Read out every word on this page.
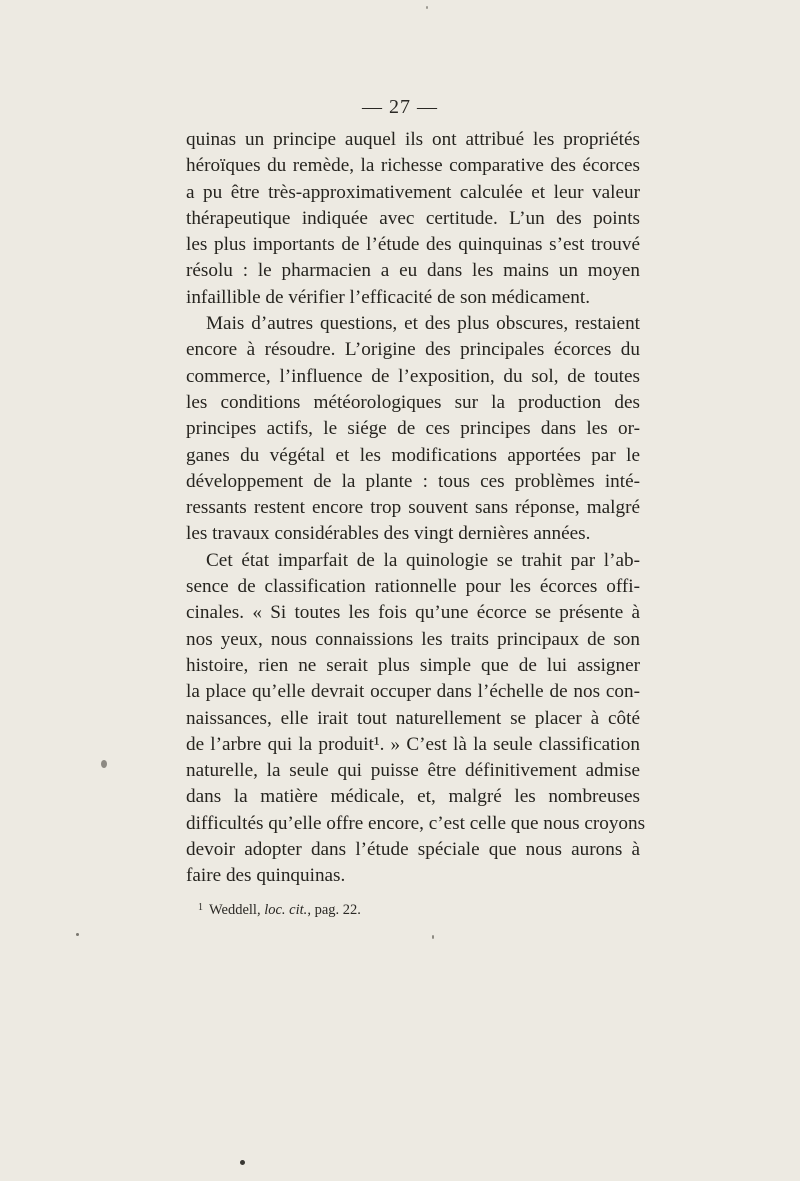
— 27 —
quinas un principe auquel ils ont attribué les propriétés
héroïques du remède, la richesse comparative des écorces
a pu être très-approximativement calculée et leur valeur
thérapeutique indiquée avec certitude. L’un des points
les plus importants de l’étude des quinquinas s’est trouvé
résolu : le pharmacien a eu dans les mains un moyen
infaillible de vérifier l’efficacité de son médicament.
Mais d’autres questions, et des plus obscures, restaient
encore à résoudre. L’origine des principales écorces du
commerce, l’influence de l’exposition, du sol, de toutes
les conditions météorologiques sur la production des
principes actifs, le siége de ces principes dans les or-
ganes du végétal et les modifications apportées par le
développement de la plante : tous ces problèmes inté-
ressants restent encore trop souvent sans réponse, malgré
les travaux considérables des vingt dernières années.
Cet état imparfait de la quinologie se trahit par l’ab-
sence de classification rationnelle pour les écorces offi-
cinales. « Si toutes les fois qu’une écorce se présente à
nos yeux, nous connaissions les traits principaux de son
histoire, rien ne serait plus simple que de lui assigner
la place qu’elle devrait occuper dans l’échelle de nos con-
naissances, elle irait tout naturellement se placer à côté
de l’arbre qui la produit¹. » C’est là la seule classification
naturelle, la seule qui puisse être définitivement admise
dans la matière médicale, et, malgré les nombreuses
difficultés qu’elle offre encore, c’est celle que nous croyons
devoir adopter dans l’étude spéciale que nous aurons à
faire des quinquinas.
$^1$ Weddell, loc. cit., pag. 22.
